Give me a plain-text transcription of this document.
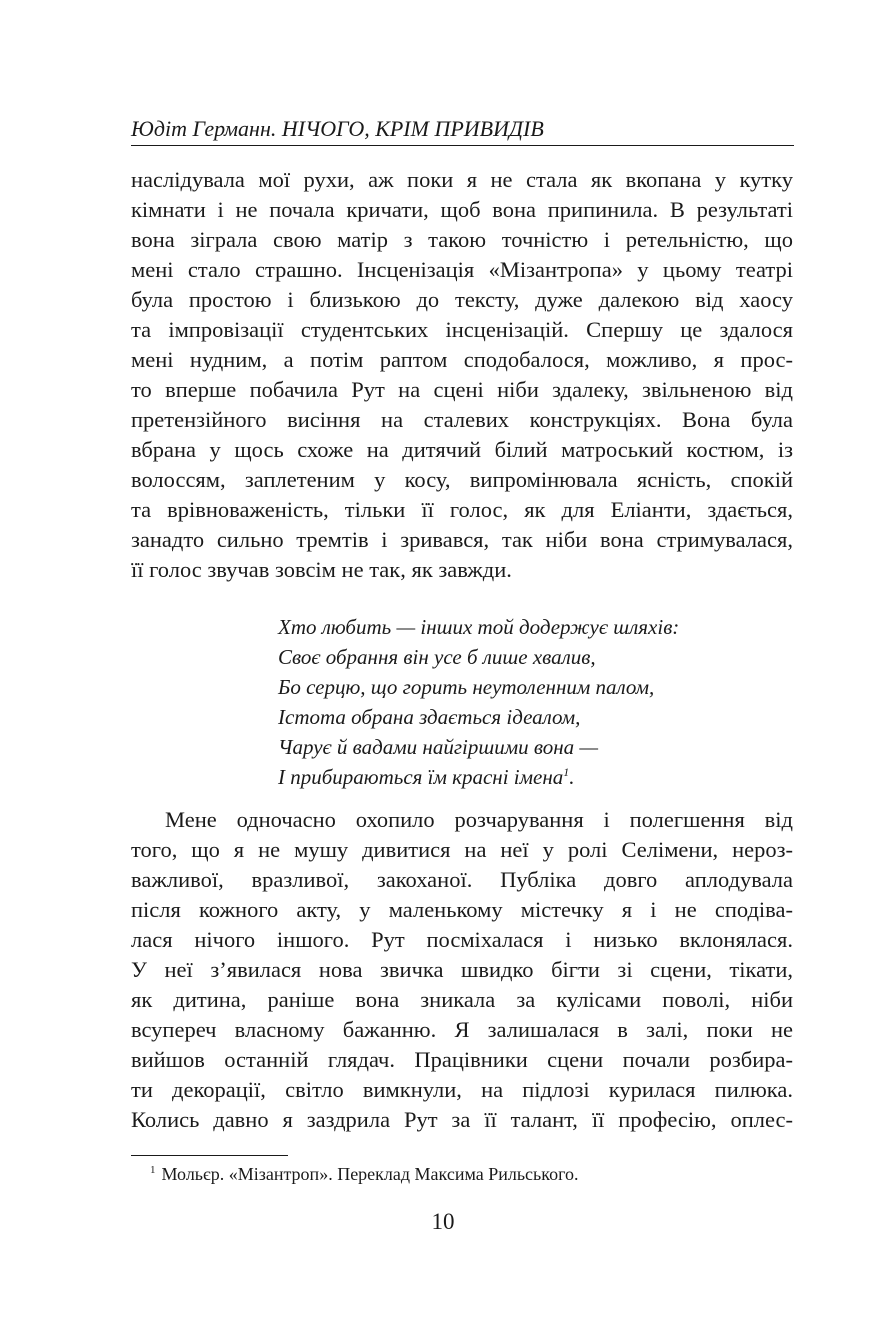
Юдіт Германн. НІЧОГО, КРІМ ПРИВИДІВ
наслідувала мої рухи, аж поки я не стала як вкопана у кутку
кімнати і не почала кричати, щоб вона припинила. В результаті
вона зіграла свою матір з такою точністю і ретельністю, що
мені стало страшно. Інсценізація «Мізантропа» у цьому театрі
була простою і близькою до тексту, дуже далекою від хаосу
та імпровізації студентських інсценізацій. Спершу це здалося
мені нудним, а потім раптом сподобалося, можливо, я прос-
то вперше побачила Рут на сцені ніби здалеку, звільненою від
претензійного висіння на сталевих конструкціях. Вона була
вбрана у щось схоже на дитячий білий матроський костюм, із
волоссям, заплетеним у косу, випромінювала ясність, спокій
та врівноваженість, тільки її голос, як для Еліанти, здається,
занадто сильно тремтів і зривався, так ніби вона стримувалася,
її голос звучав зовсім не так, як завжди.
Хто любить — інших той додержує шляхів:
Своє обрання він усе б лише хвалив,
Бо серцю, що горить неутоленним палом,
Істота обрана здається ідеалом,
Чарує й вадами найгіршими вона —
І прибираються їм красні імена$^1$.
Мене одночасно охопило розчарування і полегшення від
того, що я не мушу дивитися на неї у ролі Селімени, нероз-
важливої, вразливої, закоханої. Публіка довго аплодувала
після кожного акту, у маленькому містечку я і не сподіва-
лася нічого іншого. Рут посміхалася і низько вклонялася.
У неї з’явилася нова звичка швидко бігти зі сцени, тікати,
як дитина, раніше вона зникала за кулісами поволі, ніби
всупереч власному бажанню. Я залишалася в залі, поки не
вийшов останній глядач. Працівники сцени почали розбира-
ти декорації, світло вимкнули, на підлозі курилася пилюка.
Колись давно я заздрила Рут за її талант, її професію, оплес-
$^1$ Мольєр. «Мізантроп». Переклад Максима Рильського.
10
